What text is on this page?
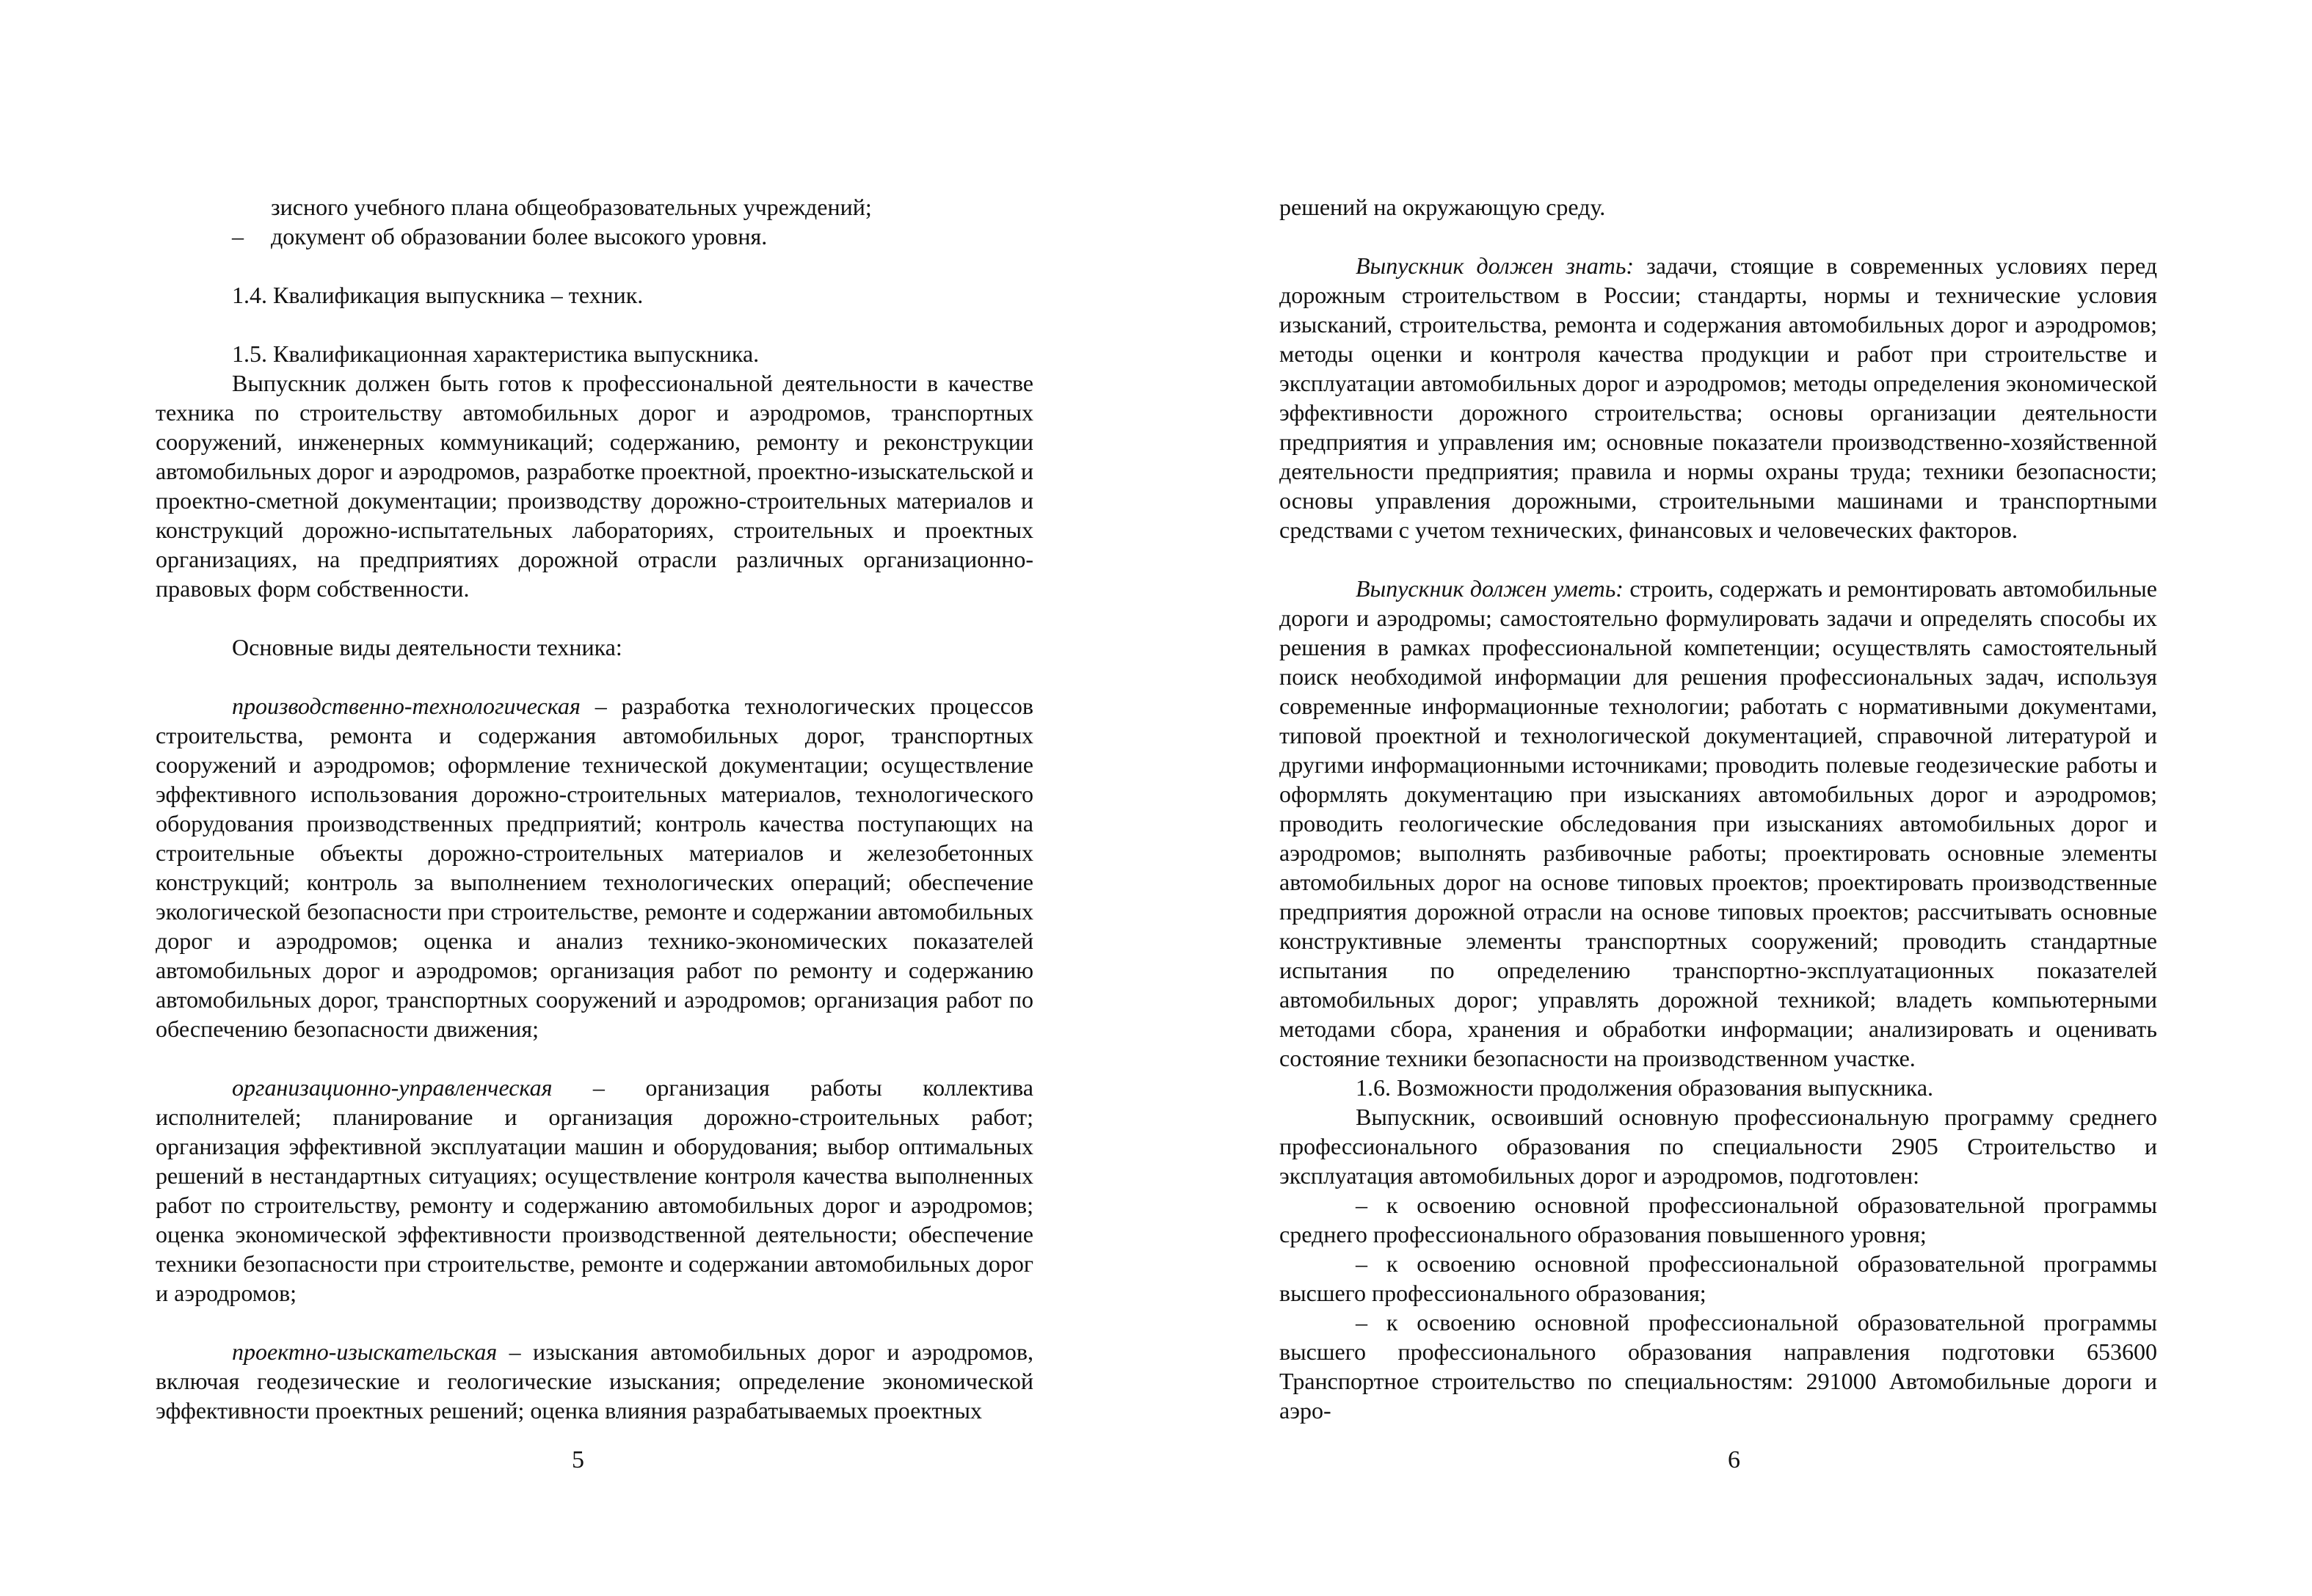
зисного учебного плана общеобразовательных учреждений;

– документ об образовании более высокого уровня.

1.4. Квалификация выпускника – техник.

1.5. Квалификационная характеристика выпускника.

Выпускник должен быть готов к профессиональной деятельности в качестве техника по строительству автомобильных дорог и аэродромов, транспортных сооружений, инженерных коммуникаций; содержанию, ремонту и реконструкции автомобильных дорог и аэродромов, разработке проектной, проектно-изыскательской и проектно-сметной документации; производству дорожно-строительных материалов и конструкций дорожно-испытательных лабораториях, строительных и проектных организациях, на предприятиях дорожной отрасли различных организационно-правовых форм собственности.

Основные виды деятельности техника:

производственно-технологическая – разработка технологических процессов строительства, ремонта и содержания автомобильных дорог, транспортных сооружений и аэродромов; оформление технической документации; осуществление эффективного использования дорожно-строительных материалов, технологического оборудования производственных предприятий; контроль качества поступающих на строительные объекты дорожно-строительных материалов и железобетонных конструкций; контроль за выполнением технологических операций; обеспечение экологической безопасности при строительстве, ремонте и содержании автомобильных дорог и аэродромов; оценка и анализ технико-экономических показателей автомобильных дорог и аэродромов; организация работ по ремонту и содержанию автомобильных дорог, транспортных сооружений и аэродромов; организация работ по обеспечению безопасности движения;

организационно-управленческая – организация работы коллектива исполнителей; планирование и организация дорожно-строительных работ; организация эффективной эксплуатации машин и оборудования; выбор оптимальных решений в нестандартных ситуациях; осуществление контроля качества выполненных работ по строительству, ремонту и содержанию автомобильных дорог и аэродромов; оценка экономической эффективности производственной деятельности; обеспечение техники безопасности при строительстве, ремонте и содержании автомобильных дорог и аэродромов;

проектно-изыскательская – изыскания автомобильных дорог и аэродромов, включая геодезические и геологические изыскания; определение экономической эффективности проектных решений; оценка влияния разрабатываемых проектных

5

решений на окружающую среду.

Выпускник должен знать: задачи, стоящие в современных условиях перед дорожным строительством в России; стандарты, нормы и технические условия изысканий, строительства, ремонта и содержания автомобильных дорог и аэродромов; методы оценки и контроля качества продукции и работ при строительстве и эксплуатации автомобильных дорог и аэродромов; методы определения экономической эффективности дорожного строительства; основы организации деятельности предприятия и управления им; основные показатели производственно-хозяйственной деятельности предприятия; правила и нормы охраны труда; техники безопасности; основы управления дорожными, строительными машинами и транспортными средствами с учетом технических, финансовых и человеческих факторов.

Выпускник должен уметь: строить, содержать и ремонтировать автомобильные дороги и аэродромы; самостоятельно формулировать задачи и определять способы их решения в рамках профессиональной компетенции; осуществлять самостоятельный поиск необходимой информации для решения профессиональных задач, используя современные информационные технологии; работать с нормативными документами, типовой проектной и технологической документацией, справочной литературой и другими информационными источниками; проводить полевые геодезические работы и оформлять документацию при изысканиях автомобильных дорог и аэродромов; проводить геологические обследования при изысканиях автомобильных дорог и аэродромов; выполнять разбивочные работы; проектировать основные элементы автомобильных дорог на основе типовых проектов; проектировать производственные предприятия дорожной отрасли на основе типовых проектов; рассчитывать основные конструктивные элементы транспортных сооружений; проводить стандартные испытания по определению транспортно-эксплуатационных показателей автомобильных дорог; управлять дорожной техникой; владеть компьютерными методами сбора, хранения и обработки информации; анализировать и оценивать состояние техники безопасности на производственном участке.

1.6. Возможности продолжения образования выпускника.

Выпускник, освоивший основную профессиональную программу среднего профессионального образования по специальности 2905 Строительство и эксплуатация автомобильных дорог и аэродромов, подготовлен:

– к освоению основной профессиональной образовательной программы среднего профессионального образования повышенного уровня;

– к освоению основной профессиональной образовательной программы высшего профессионального образования;

– к освоению основной профессиональной образовательной программы высшего профессионального образования направления подготовки 653600 Транспортное строительство по специальностям: 291000 Автомобильные дороги и аэро-

6
